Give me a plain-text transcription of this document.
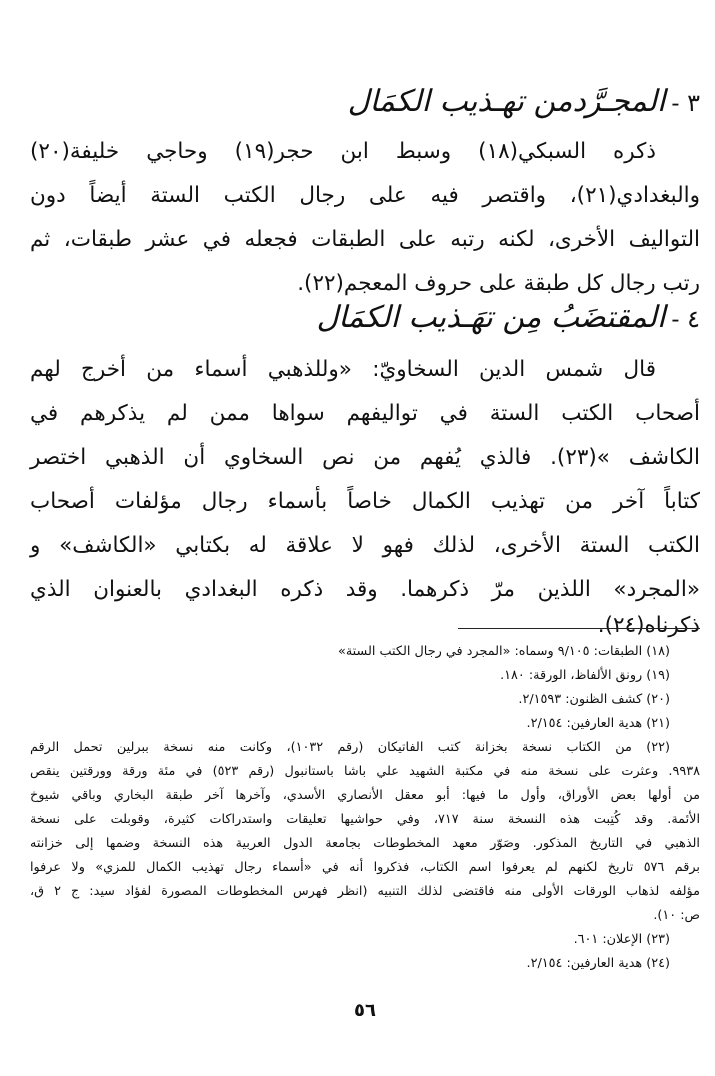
٣ -المجـرَّدمن تهـذيب الكمَال
ذكره السبكي(١٨) وسبط ابن حجر(١٩) وحاجي خليفة(٢٠)
والبغدادي(٢١)، واقتصر فيه على رجال الكتب الستة أيضاً دون
التواليف الأخرى، لكنه رتبه على الطبقات فجعله في عشر طبقات، ثم
رتب رجال كل طبقة على حروف المعجم(٢٢).
٤ -المقتضَبُ مِن تهَـذيب الكمَال
قال شمس الدين السخاويّ: «وللذهبي أسماء من أخرج لهم
أصحاب الكتب الستة في تواليفهم سواها ممن لم يذكرهم في
الكاشف »(٢٣). فالذي يُفهم من نص السخاوي أن الذهبي اختصر
كتاباً آخر من تهذيب الكمال خاصاً بأسماء رجال مؤلفات أصحاب
الكتب الستة الأخرى، لذلك فهو لا علاقة له بكتابي «الكاشف» و
«المجرد» اللذين مرّ ذكرهما. وقد ذكره البغدادي بالعنوان الذي
ذكرناه(٢٤).
(١٨) الطبقات: ٩/١٠٥ وسماه: «المجرد في رجال الكتب الستة»
(١٩) رونق الألفاظ، الورقة: ١٨٠.
(٢٠) كشف الظنون: ٢/١٥٩٣.
(٢١) هدية العارفين: ٢/١٥٤.
(٢٢) من الكتاب نسخة بخزانة كتب الفاتيكان (رقم ١٠٣٢)، وكانت منه نسخة ببرلين تحمل الرقم
٩٩٣٨. وعثرت على نسخة منه في مكتبة الشهيد علي باشا باستانبول (رقم ٥٢٣) في مئة ورقة وورقتين ينقص
من أولها بعض الأوراق، وأول ما فيها: أبو معقل الأنصاري الأسدي، وآخرها آخر طبقة البخاري وباقي شيوخ
الأئمة. وقد كُتِبت هذه النسخة سنة ٧١٧، وفي حواشيها تعليقات واستدراكات كثيرة، وقوبلت على نسخة
الذهبي في التاريخ المذكور. وصَوّر معهد المخطوطات بجامعة الدول العربية هذه النسخة وضمها إلى خزانته
برقم ٥٧٦ تاريخ لكنهم لم يعرفوا اسم الكتاب، فذكروا أنه في «أسماء رجال تهذيب الكمال للمزي» ولا عرفوا
مؤلفه لذهاب الورقات الأولى منه فاقتضى لذلك التنبيه (انظر فهرس المخطوطات المصورة لفؤاد سيد: ج ٢ ق،
ص: ١٠).
(٢٣) الإعلان: ٦٠١.
(٢٤) هدية العارفين: ٢/١٥٤.
٥٦
